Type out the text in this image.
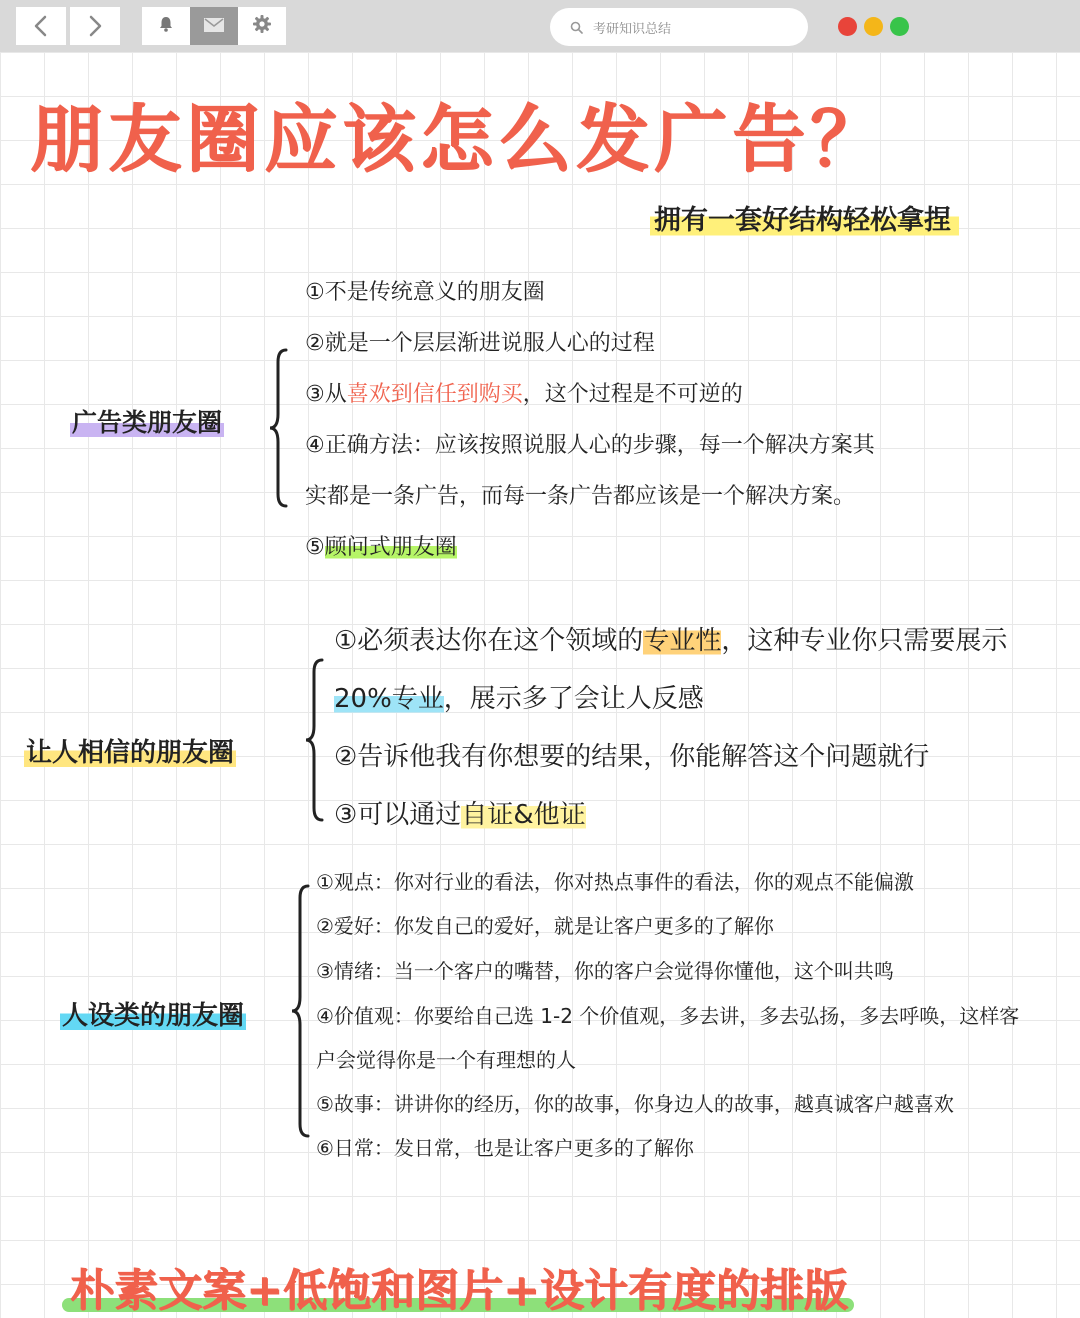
考研知识总结
朋友圈应该怎么发广告？
拥有一套好结构轻松拿捏
广告类朋友圈
①不是传统意义的朋友圈
②就是一个层层渐进说服人心的过程
③从喜欢到信任到购买，这个过程是不可逆的
④正确方法：应该按照说服人心的步骤，每一个解决方案其
实都是一条广告，而每一条广告都应该是一个解决方案。
⑤顾问式朋友圈
让人相信的朋友圈
①必须表达你在这个领域的专业性，这种专业你只需要展示
20%专业，展示多了会让人反感
②告诉他我有你想要的结果，你能解答这个问题就行
③可以通过自证&他证
人设类的朋友圈
①观点：你对行业的看法，你对热点事件的看法，你的观点不能偏激
②爱好：你发自己的爱好，就是让客户更多的了解你
③情绪：当一个客户的嘴替，你的客户会觉得你懂他，这个叫共鸣
④价值观：你要给自己选 1-2 个价值观，多去讲，多去弘扬，多去呼唤，这样客
户会觉得你是一个有理想的人
⑤故事：讲讲你的经历，你的故事，你身边人的故事，越真诚客户越喜欢
⑥日常：发日常，也是让客户更多的了解你
朴素文案+低饱和图片+设计有度的排版
